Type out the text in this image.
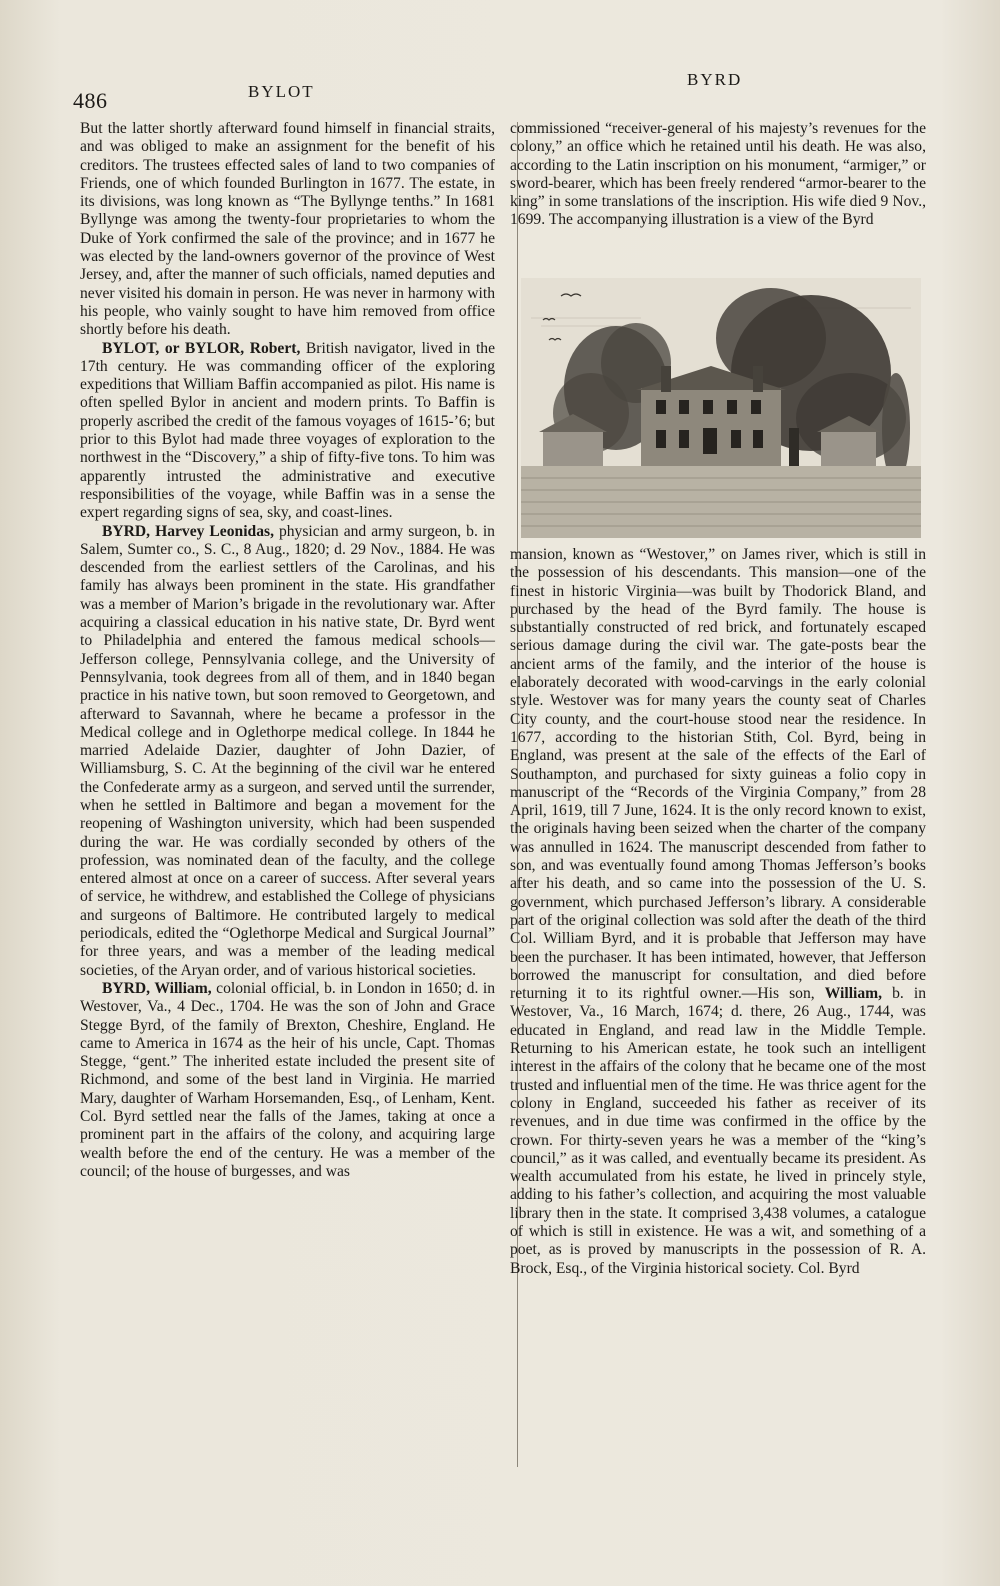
486	BYLOT
BYRD

But the latter shortly afterward found himself in financial straits, and was obliged to make an assignment for the benefit of his creditors. The trustees effected sales of land to two companies of Friends, one of which founded Burlington in 1677. The estate, in its divisions, was long known as “The Byllynge tenths.” In 1681 Byllynge was among the twenty-four proprietaries to whom the Duke of York confirmed the sale of the province; and in 1677 he was elected by the land-owners governor of the province of West Jersey, and, after the manner of such officials, named deputies and never visited his domain in person. He was never in harmony with his people, who vainly sought to have him removed from office shortly before his death.

BYLOT, or BYLOR, Robert, British navigator, lived in the 17th century. He was commanding officer of the exploring expeditions that William Baffin accompanied as pilot. His name is often spelled Bylor in ancient and modern prints. To Baffin is properly ascribed the credit of the famous voyages of 1615-’6; but prior to this Bylot had made three voyages of exploration to the northwest in the “Discovery,” a ship of fifty-five tons. To him was apparently intrusted the administrative and executive responsibilities of the voyage, while Baffin was in a sense the expert regarding signs of sea, sky, and coast-lines.

BYRD, Harvey Leonidas, physician and army surgeon, b. in Salem, Sumter co., S. C., 8 Aug., 1820; d. 29 Nov., 1884. He was descended from the earliest settlers of the Carolinas, and his family has always been prominent in the state. His grandfather was a member of Marion’s brigade in the revolutionary war. After acquiring a classical education in his native state, Dr. Byrd went to Philadelphia and entered the famous medical schools—Jefferson college, Pennsylvania college, and the University of Pennsylvania, took degrees from all of them, and in 1840 began practice in his native town, but soon removed to Georgetown, and afterward to Savannah, where he became a professor in the Medical college and in Oglethorpe medical college. In 1844 he married Adelaide Dazier, daughter of John Dazier, of Williamsburg, S. C. At the beginning of the civil war he entered the Confederate army as a surgeon, and served until the surrender, when he settled in Baltimore and began a movement for the reopening of Washington university, which had been suspended during the war. He was cordially seconded by others of the profession, was nominated dean of the faculty, and the college entered almost at once on a career of success. After several years of service, he withdrew, and established the College of physicians and surgeons of Baltimore. He contributed largely to medical periodicals, edited the “Oglethorpe Medical and Surgical Journal” for three years, and was a member of the leading medical societies, of the Aryan order, and of various historical societies.

BYRD, William, colonial official, b. in London in 1650; d. in Westover, Va., 4 Dec., 1704. He was the son of John and Grace Stegge Byrd, of the family of Brexton, Cheshire, England. He came to America in 1674 as the heir of his uncle, Capt. Thomas Stegge, “gent.” The inherited estate included the present site of Richmond, and some of the best land in Virginia. He married Mary, daughter of Warham Horsemanden, Esq., of Lenham, Kent. Col. Byrd settled near the falls of the James, taking at once a prominent part in the affairs of the colony, and acquiring large wealth before the end of the century. He was a member of the council; of the house of burgesses, and was

commissioned “receiver-general of his majesty’s revenues for the colony,” an office which he retained until his death. He was also, according to the Latin inscription on his monument, “armiger,” or sword-bearer, which has been freely rendered “armor-bearer to the king” in some translations of the inscription. His wife died 9 Nov., 1699. The accompanying illustration is a view of the Byrd

mansion, known as “Westover,” on James river, which is still in the possession of his descendants. This mansion—one of the finest in historic Virginia—was built by Thodorick Bland, and purchased by the head of the Byrd family. The house is substantially constructed of red brick, and fortunately escaped serious damage during the civil war. The gate-posts bear the ancient arms of the family, and the interior of the house is elaborately decorated with wood-carvings in the early colonial style. Westover was for many years the county seat of Charles City county, and the court-house stood near the residence. In 1677, according to the historian Stith, Col. Byrd, being in England, was present at the sale of the effects of the Earl of Southampton, and purchased for sixty guineas a folio copy in manuscript of the “Records of the Virginia Company,” from 28 April, 1619, till 7 June, 1624. It is the only record known to exist, the originals having been seized when the charter of the company was annulled in 1624. The manuscript descended from father to son, and was eventually found among Thomas Jefferson’s books after his death, and so came into the possession of the U. S. government, which purchased Jefferson’s library. A considerable part of the original collection was sold after the death of the third Col. William Byrd, and it is probable that Jefferson may have been the purchaser. It has been intimated, however, that Jefferson borrowed the manuscript for consultation, and died before returning it to its rightful owner.—His son, William, b. in Westover, Va., 16 March, 1674; d. there, 26 Aug., 1744, was educated in England, and read law in the Middle Temple. Returning to his American estate, he took such an intelligent interest in the affairs of the colony that he became one of the most trusted and influential men of the time. He was thrice agent for the colony in England, succeeded his father as receiver of its revenues, and in due time was confirmed in the office by the crown. For thirty-seven years he was a member of the “king’s council,” as it was called, and eventually became its president. As wealth accumulated from his estate, he lived in princely style, adding to his father’s collection, and acquiring the most valuable library then in the state. It comprised 3,438 volumes, a catalogue of which is still in existence. He was a wit, and something of a poet, as is proved by manuscripts in the possession of R. A. Brock, Esq., of the Virginia historical society. Col. Byrd
